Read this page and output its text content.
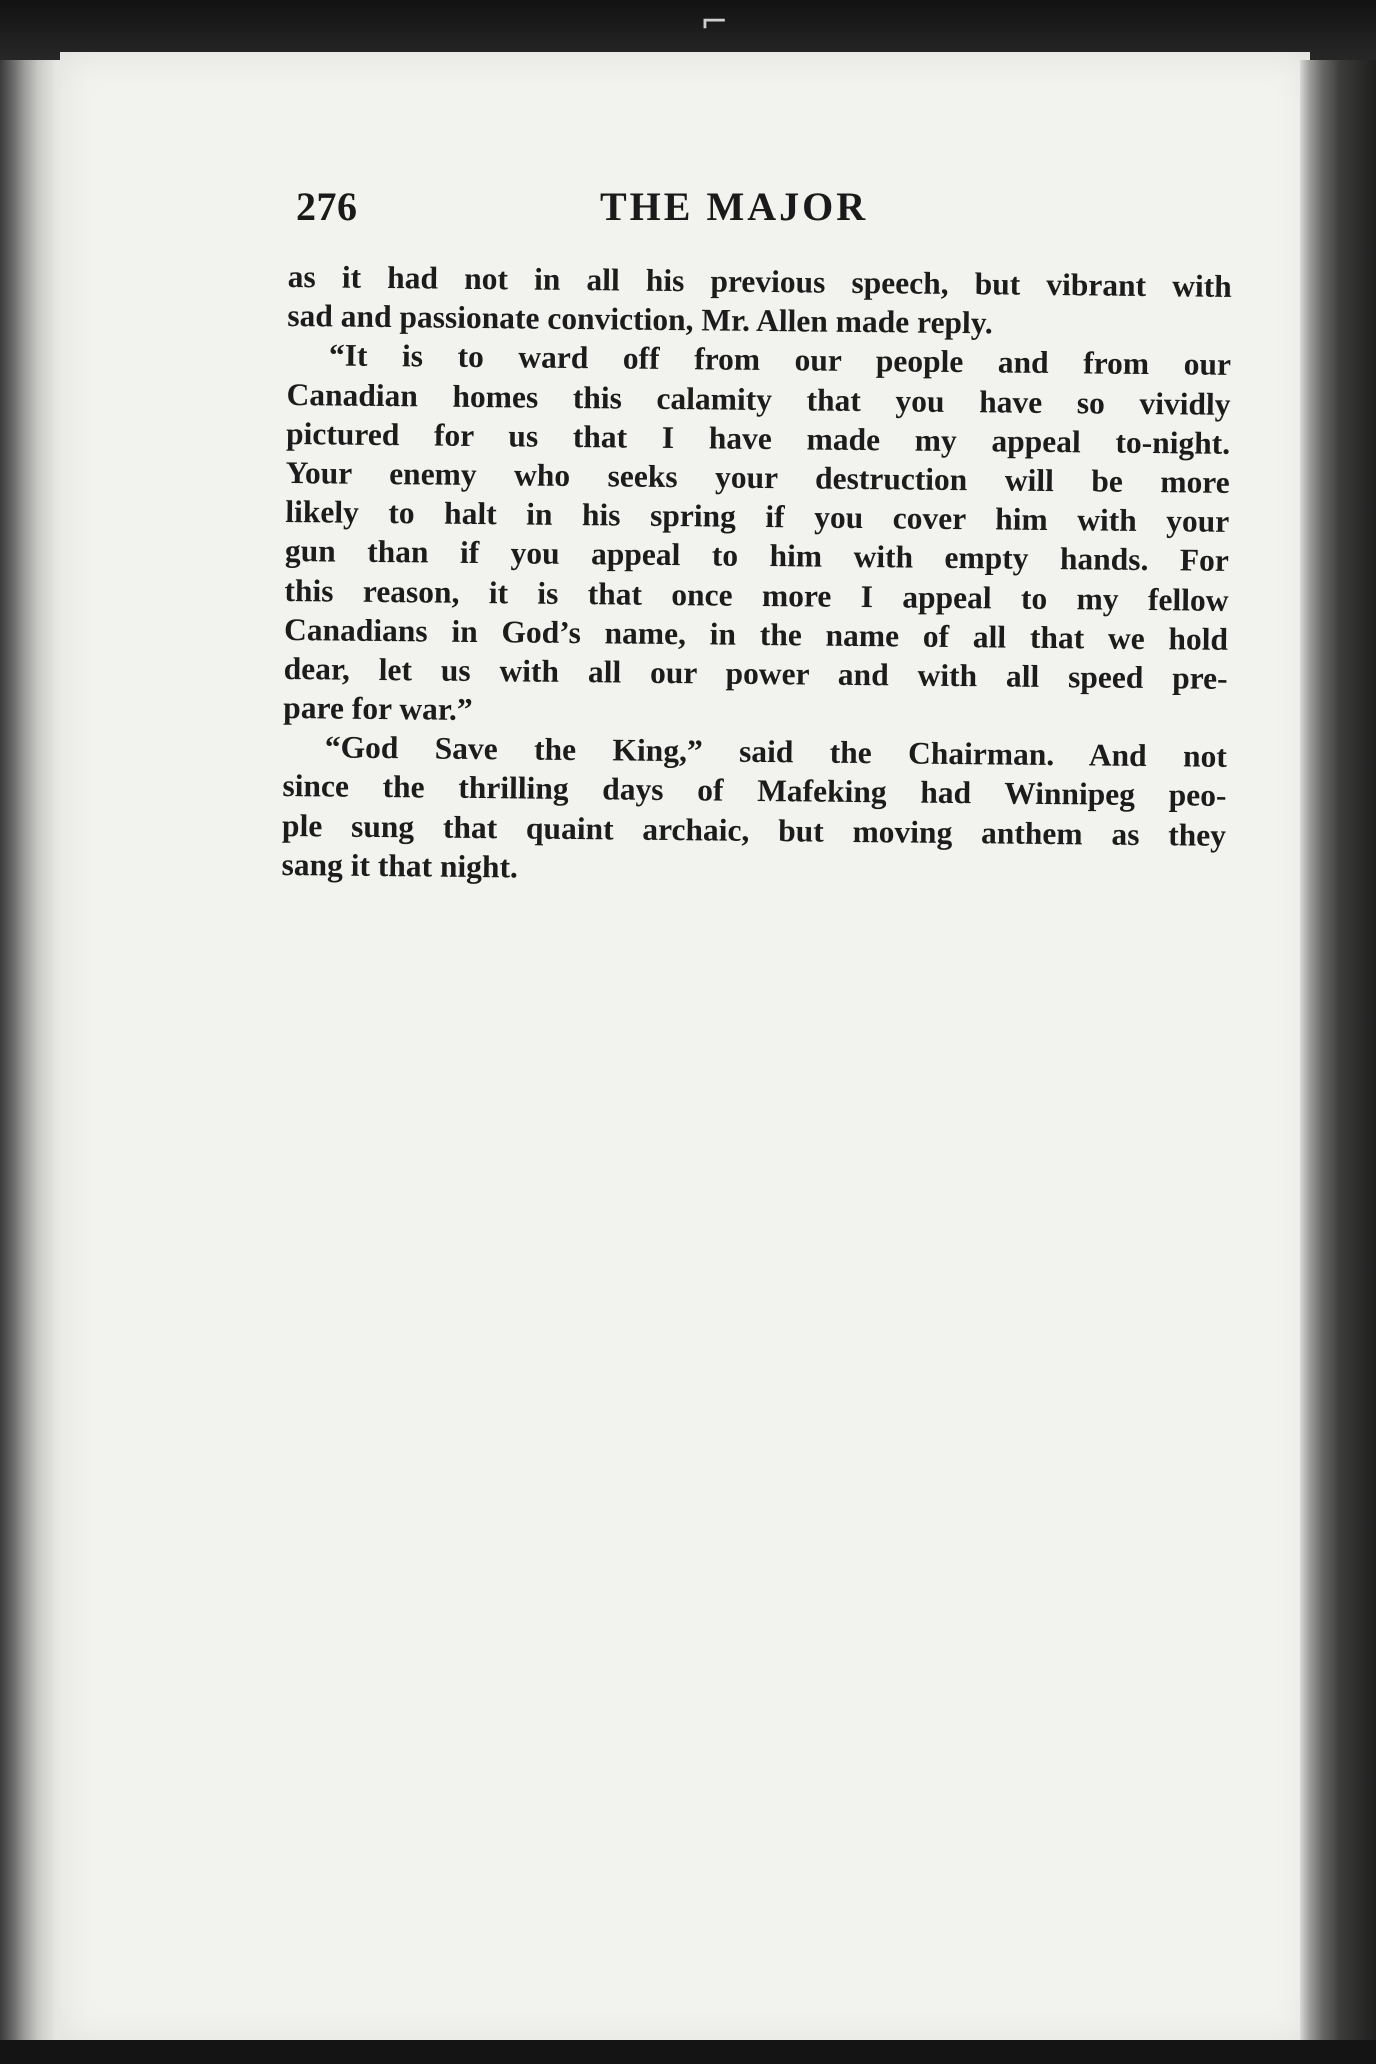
⌐
276	THE MAJOR
as it had not in all his previous speech, but vibrant with
sad and passionate conviction, Mr. Allen made reply.
“It is to ward off from our people and from our
Canadian homes this calamity that you have so vividly
pictured for us that I have made my appeal to-night.
Your enemy who seeks your destruction will be more
likely to halt in his spring if you cover him with your
gun than if you appeal to him with empty hands. For
this reason, it is that once more I appeal to my fellow
Canadians in God’s name, in the name of all that we hold
dear, let us with all our power and with all speed pre-
pare for war.”
“God Save the King,” said the Chairman. And not
since the thrilling days of Mafeking had Winnipeg peo-
ple sung that quaint archaic, but moving anthem as they
sang it that night.
